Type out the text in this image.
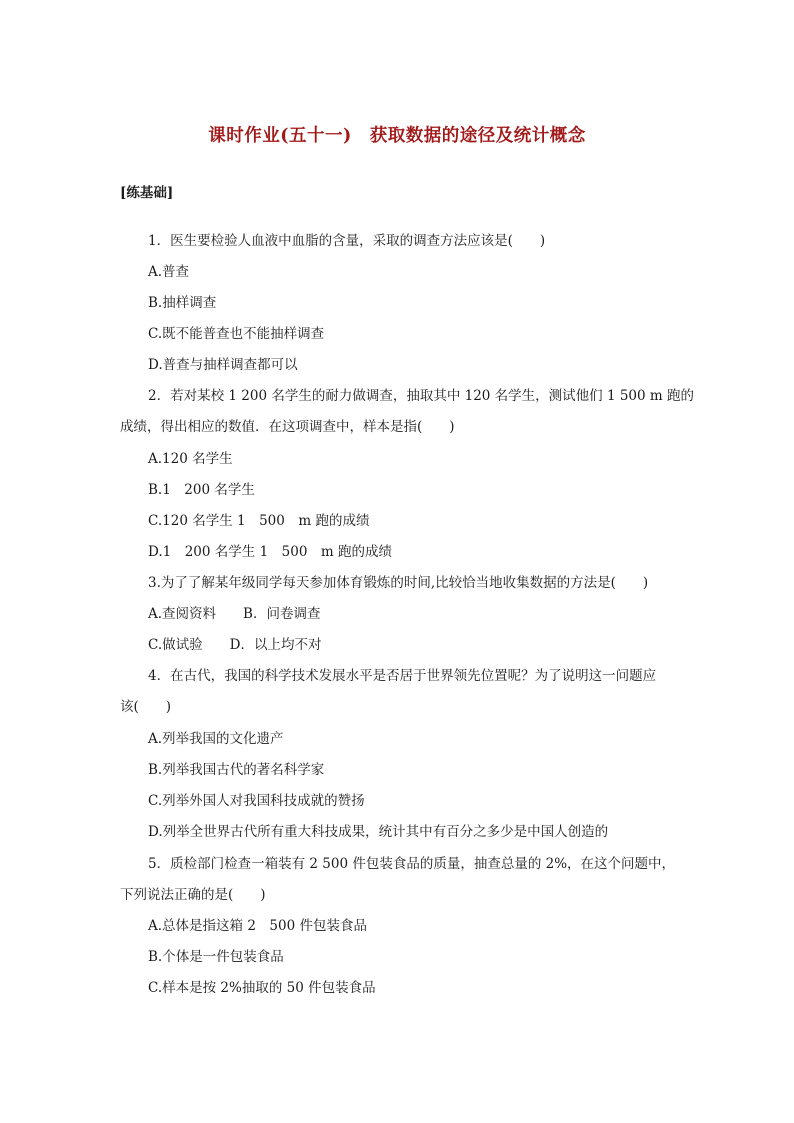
课时作业(五十一)　获取数据的途径及统计概念
[练基础]
1．医生要检验人血液中血脂的含量，采取的调查方法应该是(　　)
A.普查
B.抽样调查
C.既不能普查也不能抽样调查
D.普查与抽样调查都可以
2．若对某校 1 200 名学生的耐力做调查，抽取其中 120 名学生，测试他们 1 500 m 跑的
成绩，得出相应的数值．在这项调查中，样本是指(　　)
A.120 名学生
B.1　200 名学生
C.120 名学生 1　500　m 跑的成绩
D.1　200 名学生 1　500　m 跑的成绩
3.为了了解某年级同学每天参加体育锻炼的时间,比较恰当地收集数据的方法是(　　)
A.查阅资料　　B．问卷调查
C.做试验　　D．以上均不对
4．在古代，我国的科学技术发展水平是否居于世界领先位置呢？为了说明这一问题应
该(　　)
A.列举我国的文化遗产
B.列举我国古代的著名科学家
C.列举外国人对我国科技成就的赞扬
D.列举全世界古代所有重大科技成果，统计其中有百分之多少是中国人创造的
5．质检部门检查一箱装有 2 500 件包装食品的质量，抽查总量的 2%，在这个问题中，
下列说法正确的是(　　)
A.总体是指这箱 2　500 件包装食品
B.个体是一件包装食品
C.样本是按 2%抽取的 50 件包装食品
